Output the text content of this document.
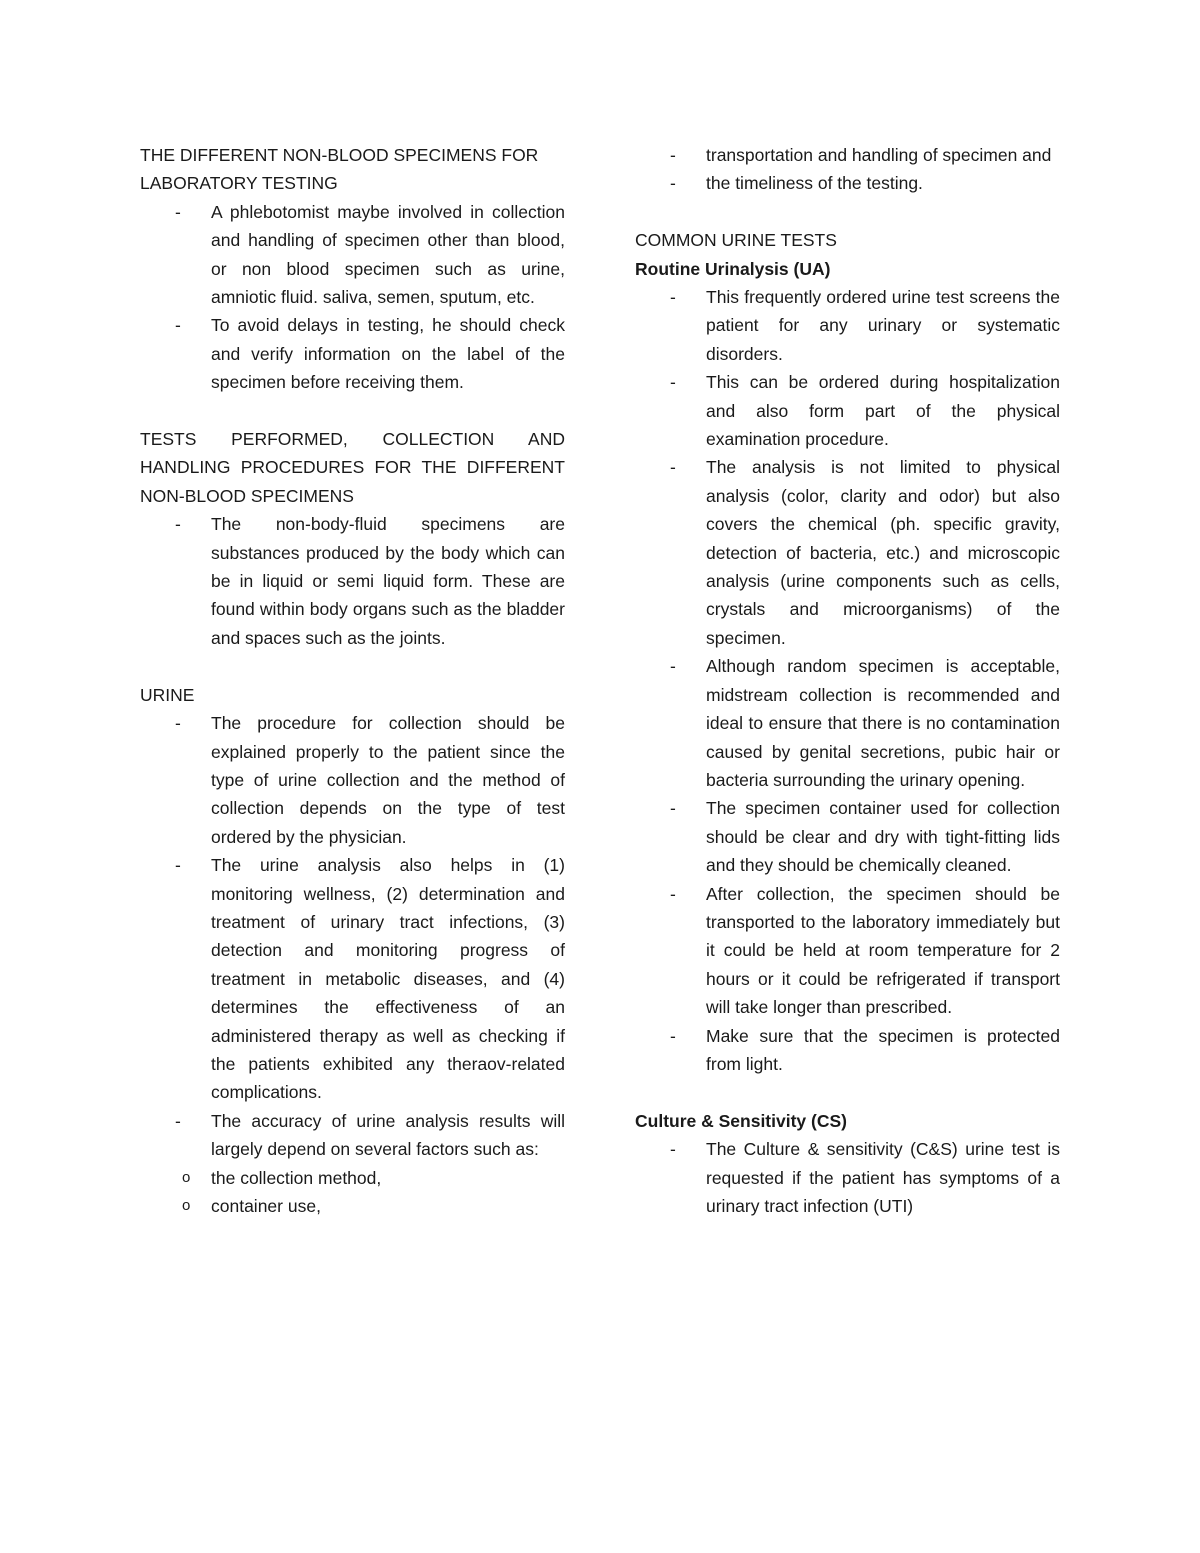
THE DIFFERENT NON-BLOOD SPECIMENS FOR LABORATORY TESTING

- A phlebotomist maybe involved in collection and handling of specimen other than blood, or non blood specimen such as urine, amniotic fluid. saliva, semen, sputum, etc.
- To avoid delays in testing, he should check and verify information on the label of the specimen before receiving them.

TESTS PERFORMED, COLLECTION AND HANDLING PROCEDURES FOR THE DIFFERENT NON-BLOOD SPECIMENS

- The non-body-fluid specimens are substances produced by the body which can be in liquid or semi liquid form. These are found within body organs such as the bladder and spaces such as the joints.

URINE

- The procedure for collection should be explained properly to the patient since the type of urine collection and the method of collection depends on the type of test ordered by the physician.
- The urine analysis also helps in (1) monitoring wellness, (2) determination and treatment of urinary tract infections, (3) detection and monitoring progress of treatment in metabolic diseases, and (4) determines the effectiveness of an administered therapy as well as checking if the patients exhibited any theraov-related complications.
- The accuracy of urine analysis results will largely depend on several factors such as:
o the collection method,
o container use,
- transportation and handling of specimen and
- the timeliness of the testing.

COMMON URINE TESTS

Routine Urinalysis (UA)

- This frequently ordered urine test screens the patient for any urinary or systematic disorders.
- This can be ordered during hospitalization and also form part of the physical examination procedure.
- The analysis is not limited to physical analysis (color, clarity and odor) but also covers the chemical (ph. specific gravity, detection of bacteria, etc.) and microscopic analysis (urine components such as cells, crystals and microorganisms) of the specimen.
- Although random specimen is acceptable, midstream collection is recommended and ideal to ensure that there is no contamination caused by genital secretions, pubic hair or bacteria surrounding the urinary opening.
- The specimen container used for collection should be clear and dry with tight-fitting lids and they should be chemically cleaned.
- After collection, the specimen should be transported to the laboratory immediately but it could be held at room temperature for 2 hours or it could be refrigerated if transport will take longer than prescribed.
- Make sure that the specimen is protected from light.

Culture & Sensitivity (CS)

- The Culture & sensitivity (C&S) urine test is requested if the patient has symptoms of a urinary tract infection (UTI)
